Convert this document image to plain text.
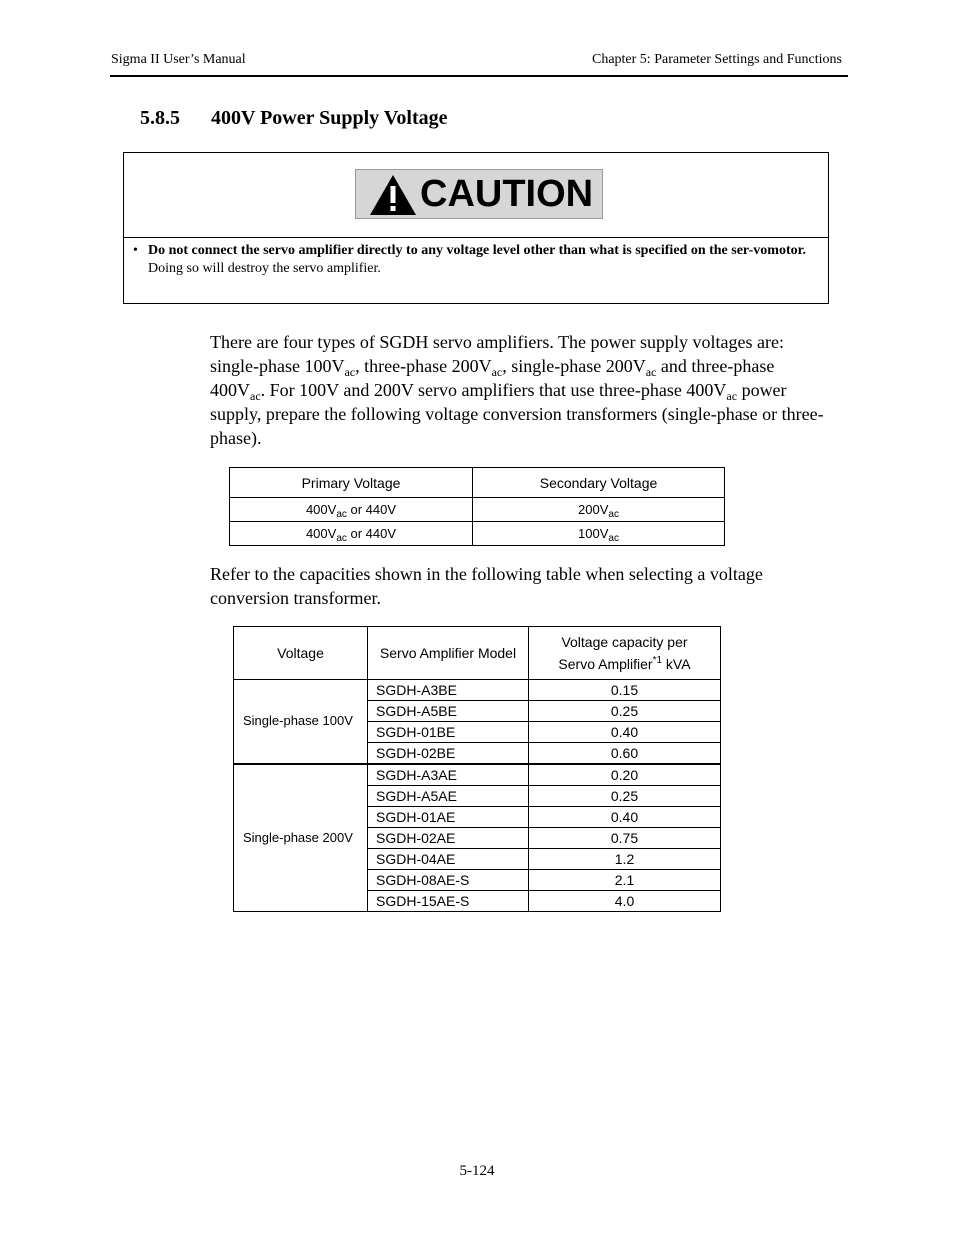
Sigma II User’s Manual	Chapter 5: Parameter Settings and Functions
5.8.5 400V Power Supply Voltage
CAUTION
• Do not connect the servo amplifier directly to any voltage level other than what is specified on the ser-vomotor.
Doing so will destroy the servo amplifier.
There are four types of SGDH servo amplifiers. The power supply voltages are: single-phase $100V_{ac}$, three-phase $200V_{ac}$, single-phase $200V_{ac}$ and three-phase $400V_{ac}$. For 100V and 200V servo amplifiers that use three-phase $400V_{ac}$ power supply, prepare the following voltage conversion transformers (single-phase or three-phase).
Primary Voltage	Secondary Voltage
$400V_{ac}$ or 440V	$200V_{ac}$
$400V_{ac}$ or 440V	$100V_{ac}$
Refer to the capacities shown in the following table when selecting a voltage conversion transformer.
Voltage	Servo Amplifier Model	Voltage capacity per
Servo Amplifier$^{*1}$ kVA

Single-phase 100V	SGDH-A3BE	0.15
	SGDH-A5BE	0.25
	SGDH-01BE	0.40
	SGDH-02BE	0.60
Single-phase 200V	SGDH-A3AE	0.20
	SGDH-A5AE	0.25
	SGDH-01AE	0.40
	SGDH-02AE	0.75
	SGDH-04AE	1.2
	SGDH-08AE-S	2.1
	SGDH-15AE-S	4.0
5-124
